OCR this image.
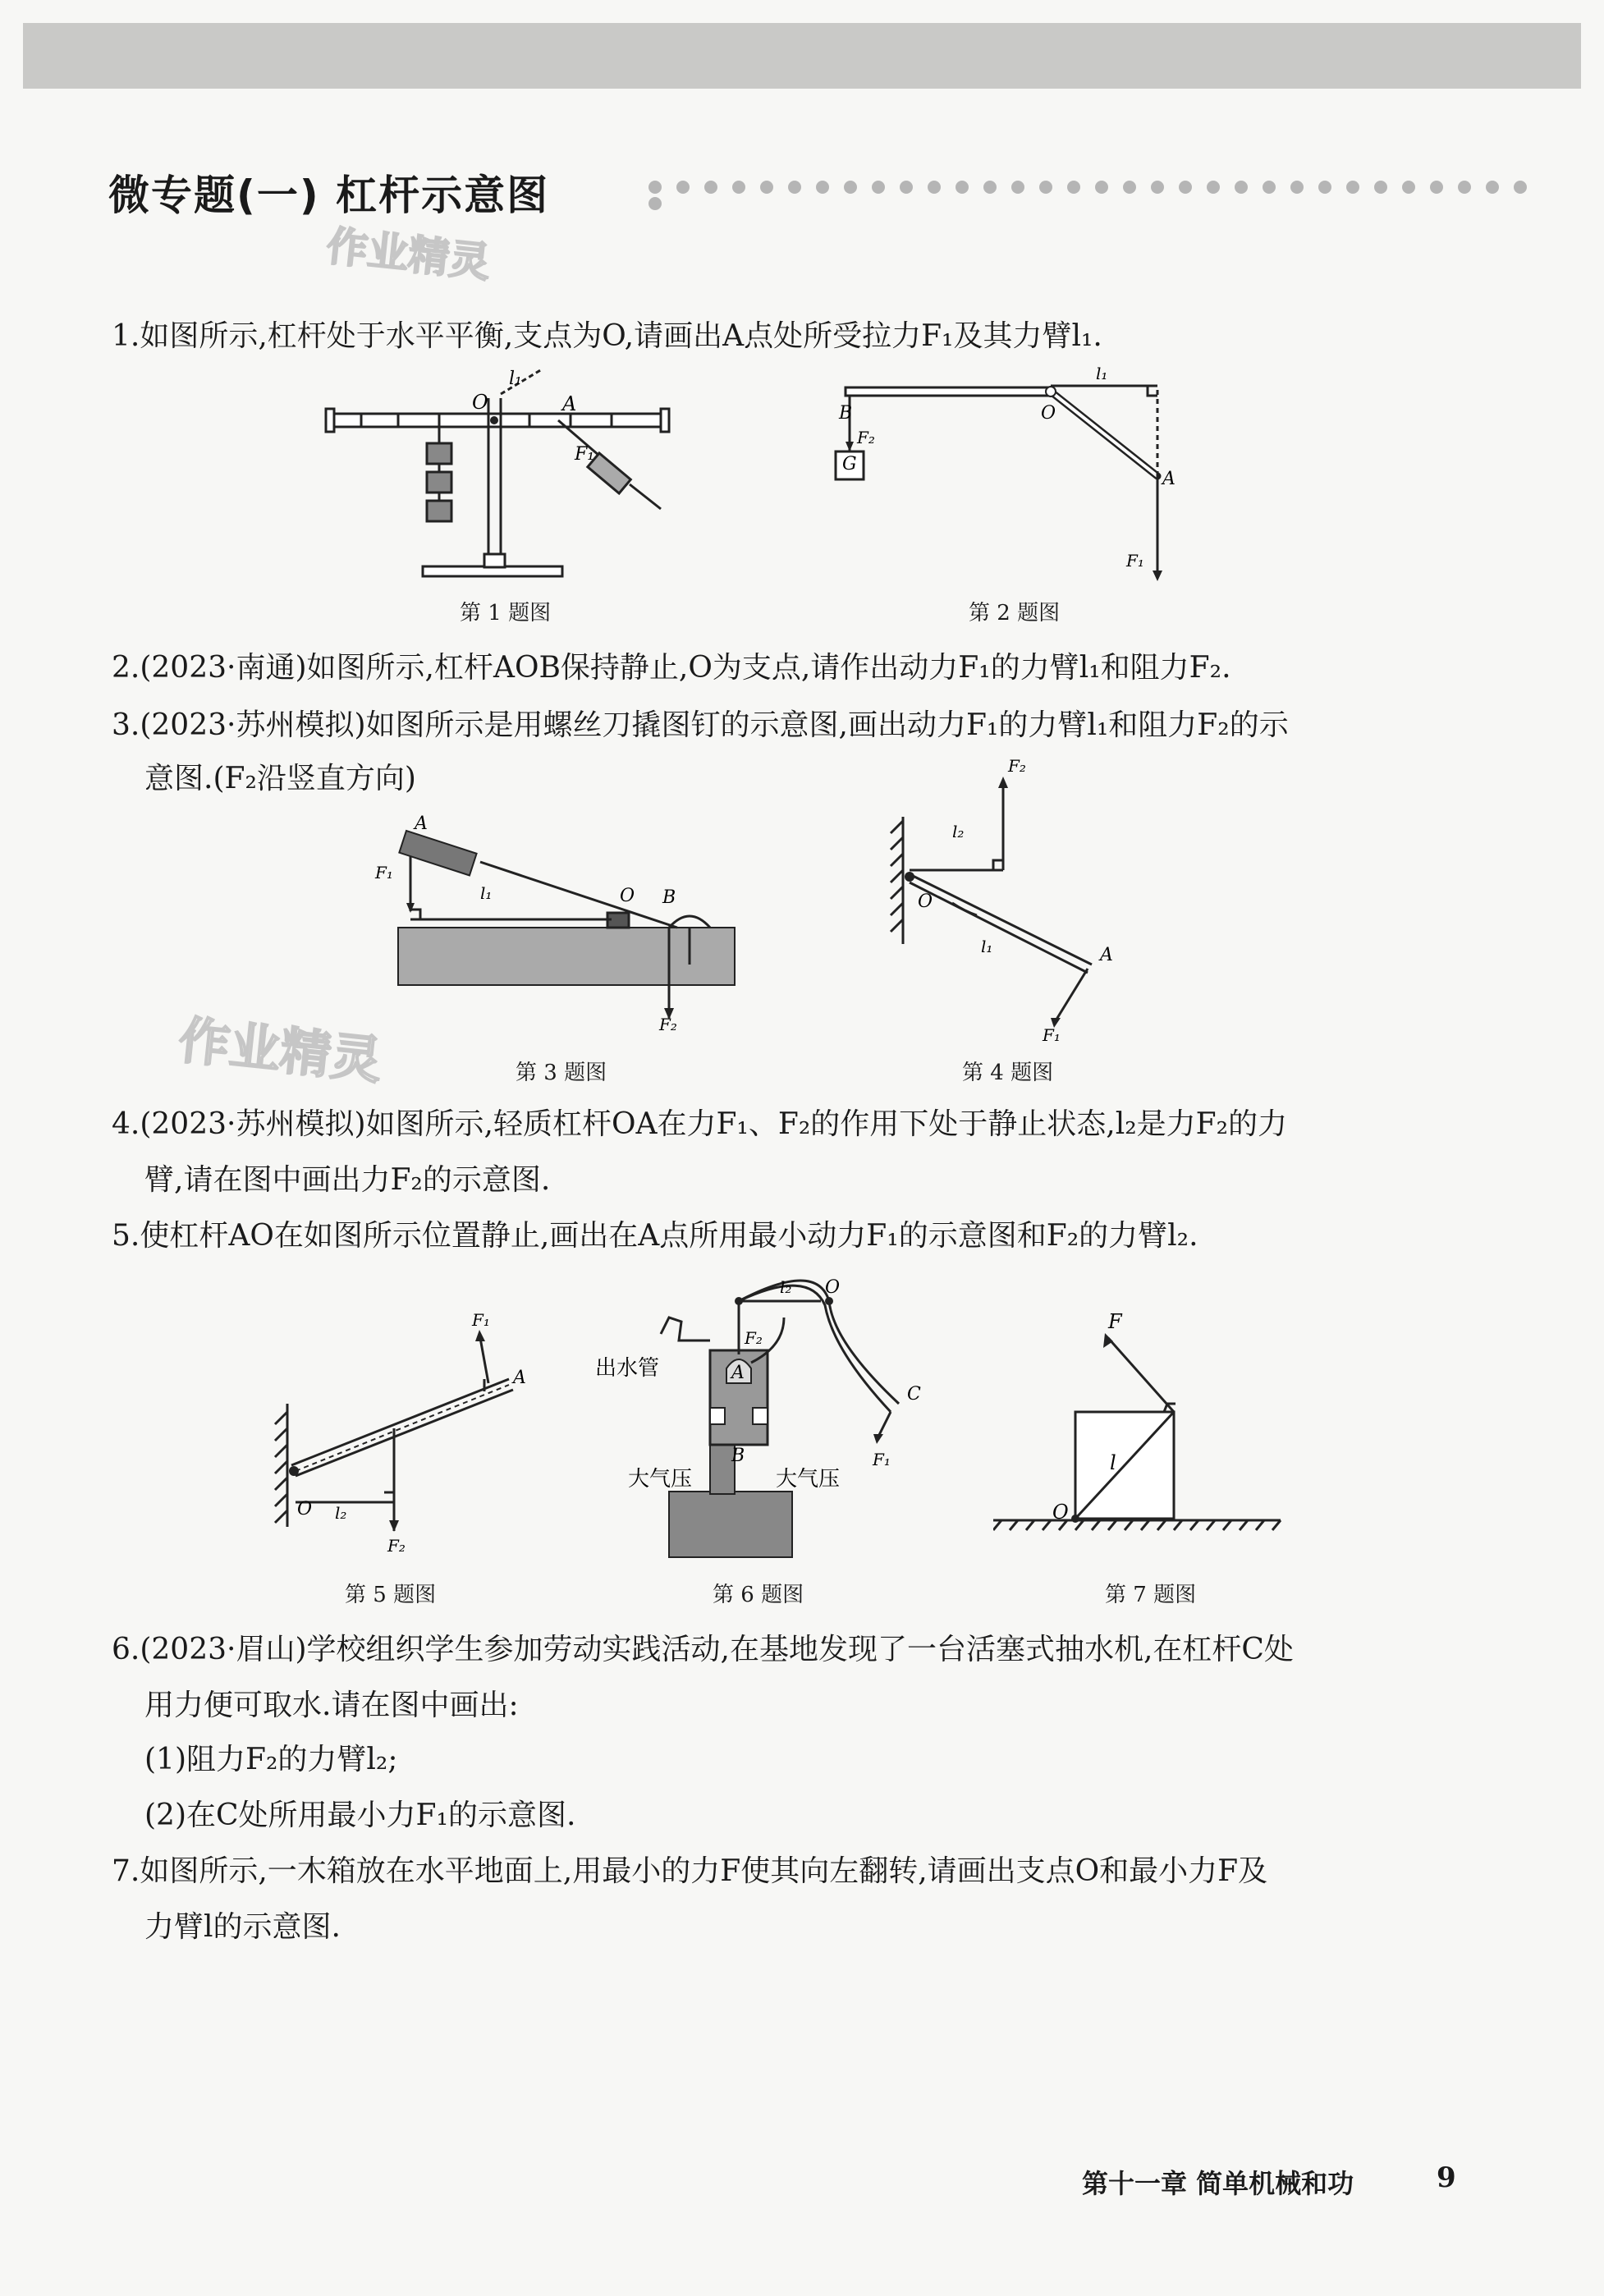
微专题(一) 杠杆示意图
作业精灵
作业精灵
1.如图所示,杠杆处于水平平衡,支点为O,请画出A点处所受拉力F₁及其力臂l₁.
O	A
l₁
F₁
第 1 题图
G
B
F₂
O
l₁
A
F₁
第 2 题图
2.(2023·南通)如图所示,杠杆AOB保持静止,O为支点,请作出动力F₁的力臂l₁和阻力F₂.
3.(2023·苏州模拟)如图所示是用螺丝刀撬图钉的示意图,画出动力F₁的力臂l₁和阻力F₂的示
意图.(F₂沿竖直方向)
A
F₁
l₁	O B
F₂
第 3 题图
F₂
l₂
O
l₁	A
F₁
第 4 题图
4.(2023·苏州模拟)如图所示,轻质杠杆OA在力F₁、F₂的作用下处于静止状态,l₂是力F₂的力
臂,请在图中画出力F₂的示意图.
5.使杠杆AO在如图所示位置静止,画出在A点所用最小动力F₁的示意图和F₂的力臂l₂.
F₁
A
O l₂
F₂
第 5 题图
l₂ O
F₂
A
B
C
F₁
出水管
大气压	大气压
第 6 题图
F
l
O
第 7 题图
6.(2023·眉山)学校组织学生参加劳动实践活动,在基地发现了一台活塞式抽水机,在杠杆C处
用力便可取水.请在图中画出:
(1)阻力F₂的力臂l₂;
(2)在C处所用最小力F₁的示意图.
7.如图所示,一木箱放在水平地面上,用最小的力F使其向左翻转,请画出支点O和最小力F及
力臂l的示意图.
第十一章 简单机械和功	9
